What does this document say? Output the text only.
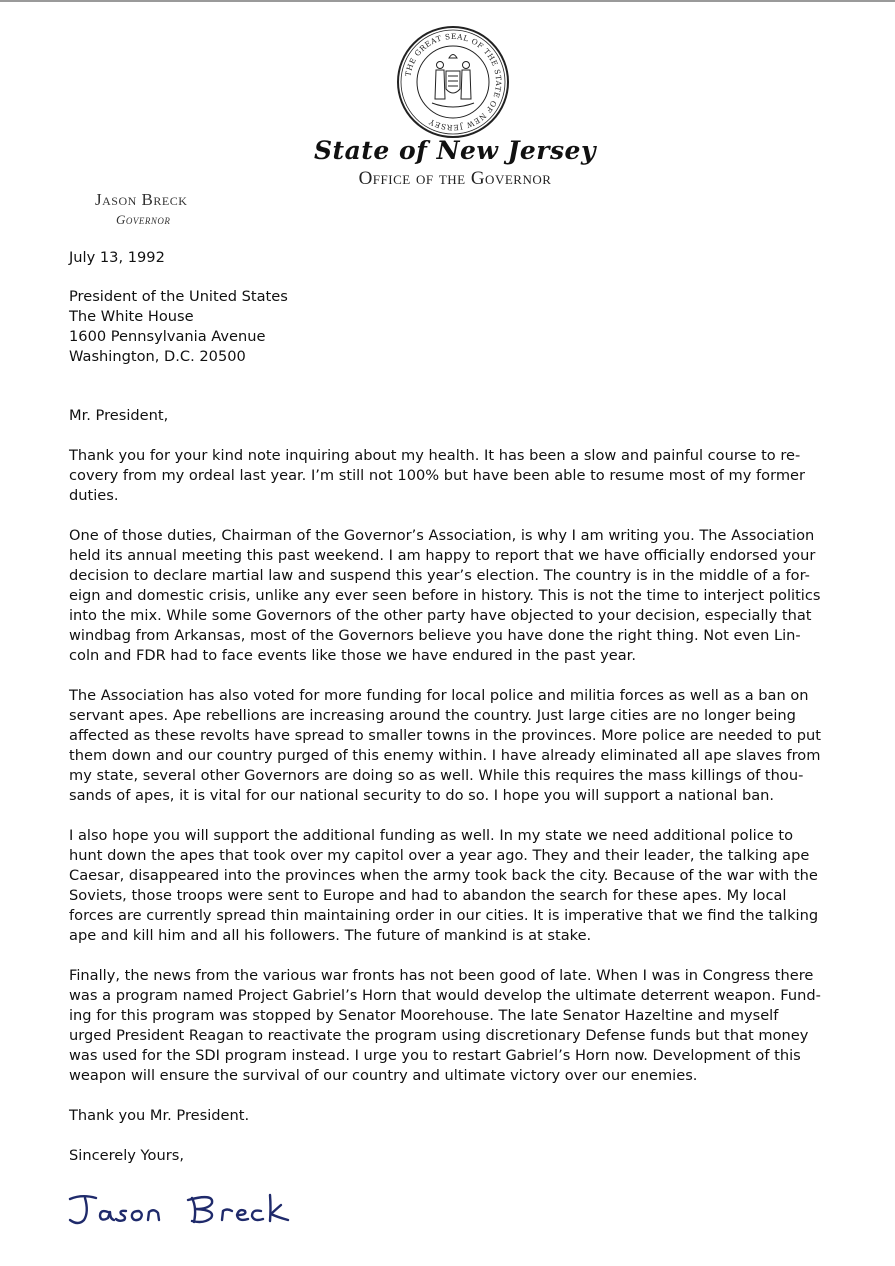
THE GREAT SEAL OF THE STATE OF NEW JERSEY
State of New Jersey
Office of the Governor
Jason Breck
Governor
July 13, 1992
President of the United States
The White House
1600 Pennsylvania Avenue
Washington, D.C. 20500
Mr. President,
Thank you for your kind note inquiring about my health. It has been a slow and painful course to re-covery from my ordeal last year. I’m still not 100% but have been able to resume most of my former duties.
One of those duties, Chairman of the Governor’s Association, is why I am writing you. The Association held its annual meeting this past weekend. I am happy to report that we have officially endorsed your decision to declare martial law and suspend this year’s election. The country is in the middle of a for-eign and domestic crisis, unlike any ever seen before in history. This is not the time to interject politics into the mix. While some Governors of the other party have objected to your decision, especially that windbag from Arkansas, most of the Governors believe you have done the right thing. Not even Lin-coln and FDR had to face events like those we have endured in the past year.
The Association has also voted for more funding for local police and militia forces as well as a ban on servant apes. Ape rebellions are increasing around the country. Just large cities are no longer being affected as these revolts have spread to smaller towns in the provinces. More police are needed to put them down and our country purged of this enemy within. I have already eliminated all ape slaves from my state, several other Governors are doing so as well. While this requires the mass killings of thou-sands of apes, it is vital for our national security to do so. I hope you will support a national ban.
I also hope you will support the additional funding as well. In my state we need additional police to hunt down the apes that took over my capitol over a year ago. They and their leader, the talking ape Caesar, disappeared into the provinces when the army took back the city. Because of the war with the Soviets, those troops were sent to Europe and had to abandon the search for these apes. My local forces are currently spread thin maintaining order in our cities. It is imperative that we find the talking ape and kill him and all his followers. The future of mankind is at stake.
Finally, the news from the various war fronts has not been good of late. When I was in Congress there was a program named Project Gabriel’s Horn that would develop the ultimate deterrent weapon. Fund-ing for this program was stopped by Senator Moorehouse. The late Senator Hazeltine and myself urged President Reagan to reactivate the program using discretionary Defense funds but that money was used for the SDI program instead. I urge you to restart Gabriel’s Horn now. Development of this weapon will ensure the survival of our country and ultimate victory over our enemies.
Thank you Mr. President.
Sincerely Yours,
